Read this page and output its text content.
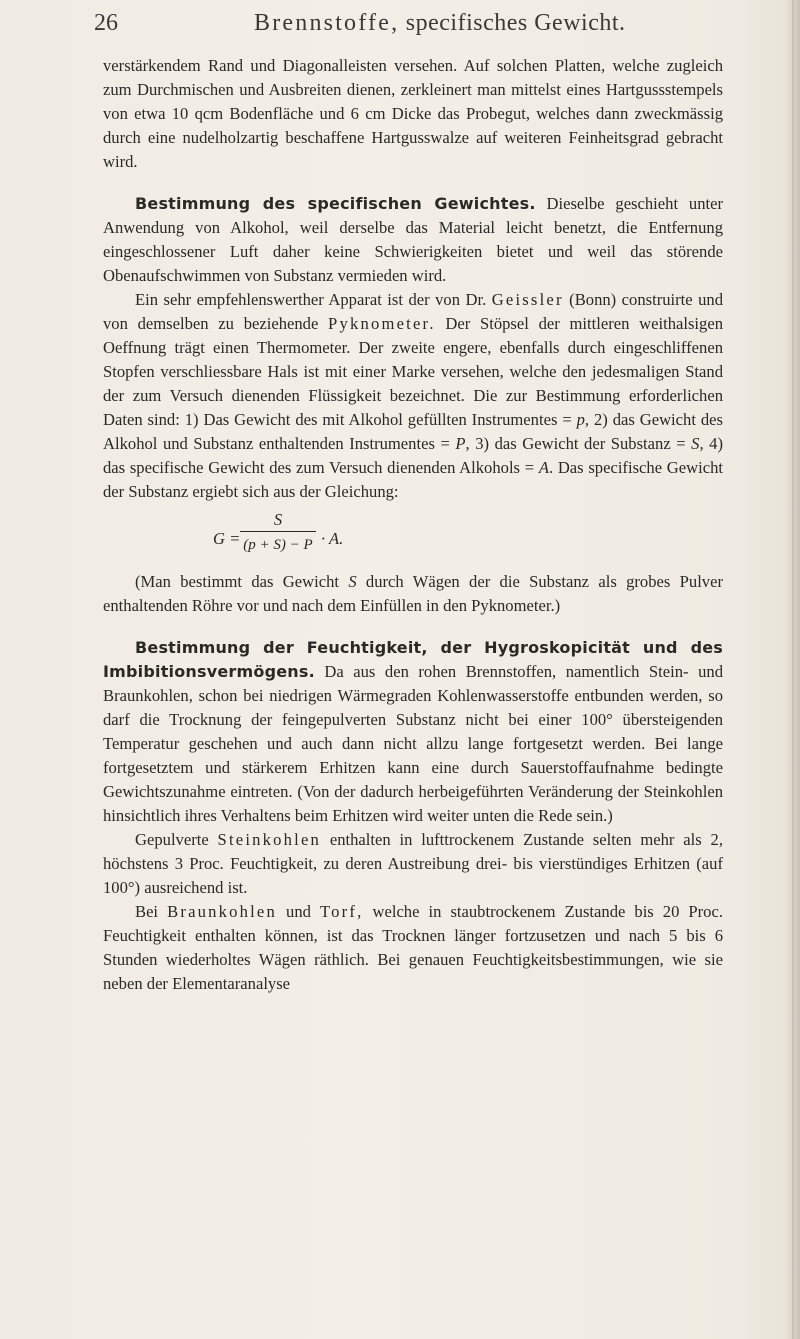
26	Brennstoffe, specifisches Gewicht.

verstärkendem Rand und Diagonalleisten versehen. Auf solchen Platten, welche zugleich zum Durchmischen und Ausbreiten dienen, zerkleinert man mittelst eines Hartgussstempels von etwa 10 qcm Bodenfläche und 6 cm Dicke das Probegut, welches dann zweckmässig durch eine nudelholzartig beschaffene Hartgusswalze auf weiteren Feinheitsgrad gebracht wird.

Bestimmung des specifischen Gewichtes. Dieselbe geschieht unter Anwendung von Alkohol, weil derselbe das Material leicht benetzt, die Entfernung eingeschlossener Luft daher keine Schwierigkeiten bietet und weil das störende Obenaufschwimmen von Substanz vermieden wird.

Ein sehr empfehlenswerther Apparat ist der von Dr. Geissler (Bonn) construirte und von demselben zu beziehende Pyknometer. Der Stöpsel der mittleren weithalsigen Oeffnung trägt einen Thermometer. Der zweite engere, ebenfalls durch eingeschliffenen Stopfen verschliessbare Hals ist mit einer Marke versehen, welche den jedesmaligen Stand der zum Versuch dienenden Flüssigkeit bezeichnet. Die zur Bestimmung erforderlichen Daten sind: 1) Das Gewicht des mit Alkohol gefüllten Instrumentes = p, 2) das Gewicht des Alkohol und Substanz enthaltenden Instrumentes = P, 3) das Gewicht der Substanz = S, 4) das specifische Gewicht des zum Versuch dienenden Alkohols = A. Das specifische Gewicht der Substanz ergiebt sich aus der Gleichung:

G =
S
(p + S) − P · A.

(Man bestimmt das Gewicht S durch Wägen der die Substanz als grobes Pulver enthaltenden Röhre vor und nach dem Einfüllen in den Pyknometer.)

Bestimmung der Feuchtigkeit, der Hygroskopicität und des Imbibitionsvermögens. Da aus den rohen Brennstoffen, namentlich Stein- und Braunkohlen, schon bei niedrigen Wärmegraden Kohlenwasserstoffe entbunden werden, so darf die Trocknung der feingepulverten Substanz nicht bei einer 100° übersteigenden Temperatur geschehen und auch dann nicht allzu lange fortgesetzt werden. Bei lange fortgesetztem und stärkerem Erhitzen kann eine durch Sauerstoffaufnahme bedingte Gewichtszunahme eintreten. (Von der dadurch herbeigeführten Veränderung der Steinkohlen hinsichtlich ihres Verhaltens beim Erhitzen wird weiter unten die Rede sein.)

Gepulverte Steinkohlen enthalten in lufttrockenem Zustande selten mehr als 2, höchstens 3 Proc. Feuchtigkeit, zu deren Austreibung drei- bis vierstündiges Erhitzen (auf 100°) ausreichend ist.

Bei Braunkohlen und Torf, welche in staubtrockenem Zustande bis 20 Proc. Feuchtigkeit enthalten können, ist das Trocknen länger fortzusetzen und nach 5 bis 6 Stunden wiederholtes Wägen räthlich. Bei genauen Feuchtigkeitsbestimmungen, wie sie neben der Elementaranalyse
